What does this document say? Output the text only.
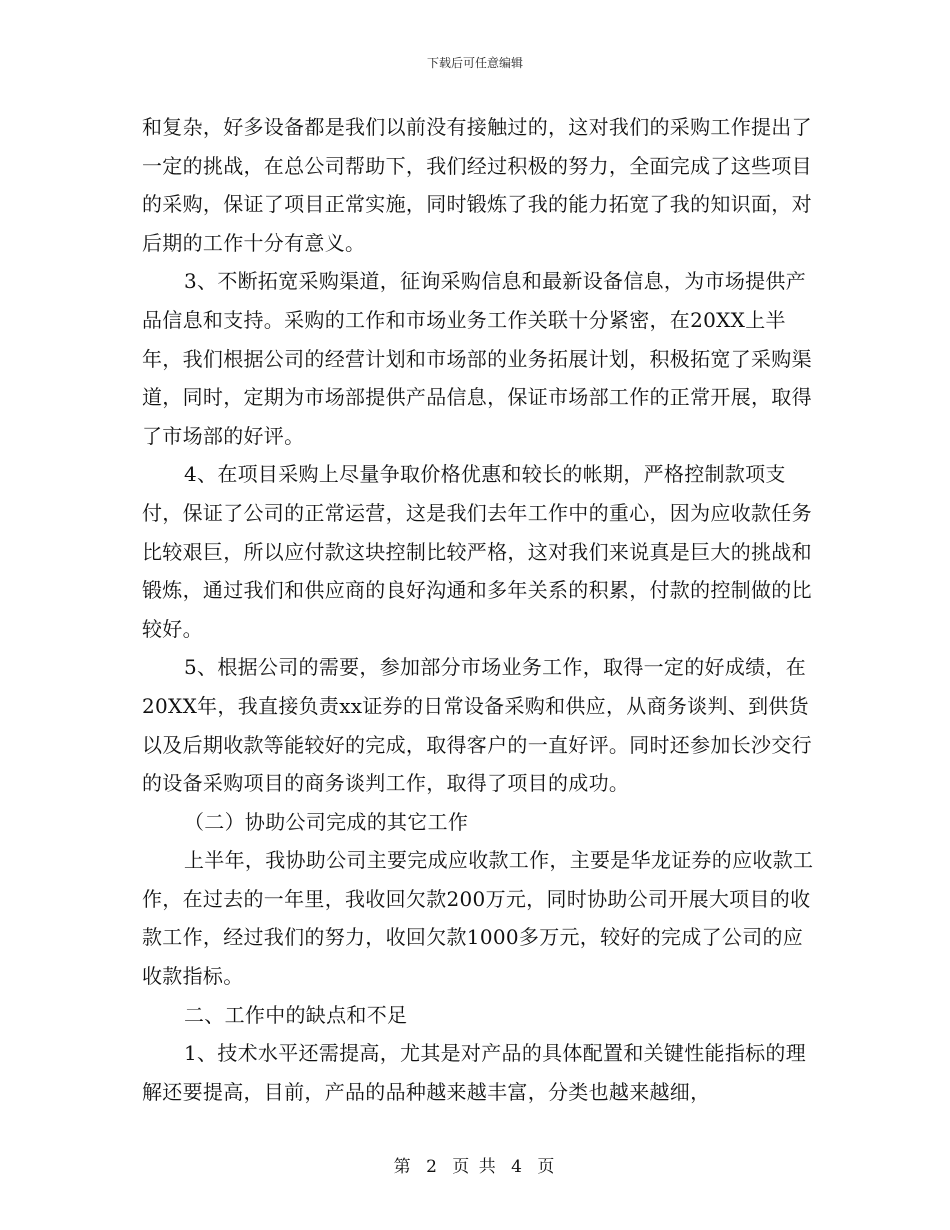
下载后可任意编辑

和复杂，好多设备都是我们以前没有接触过的，这对我们的采购工作提出了一定的挑战，在总公司帮助下，我们经过积极的努力，全面完成了这些项目的采购，保证了项目正常实施，同时锻炼了我的能力拓宽了我的知识面，对后期的工作十分有意义。

3、不断拓宽采购渠道，征询采购信息和最新设备信息，为市场提供产品信息和支持。采购的工作和市场业务工作关联十分紧密，在20XX上半年，我们根据公司的经营计划和市场部的业务拓展计划，积极拓宽了采购渠道，同时，定期为市场部提供产品信息，保证市场部工作的正常开展，取得了市场部的好评。

4、在项目采购上尽量争取价格优惠和较长的帐期，严格控制款项支付，保证了公司的正常运营，这是我们去年工作中的重心，因为应收款任务比较艰巨，所以应付款这块控制比较严格，这对我们来说真是巨大的挑战和锻炼，通过我们和供应商的良好沟通和多年关系的积累，付款的控制做的比较好。

5、根据公司的需要，参加部分市场业务工作，取得一定的好成绩，在20XX年，我直接负责xx证券的日常设备采购和供应，从商务谈判、到供货以及后期收款等能较好的完成，取得客户的一直好评。同时还参加长沙交行的设备采购项目的商务谈判工作，取得了项目的成功。

（二）协助公司完成的其它工作

上半年，我协助公司主要完成应收款工作，主要是华龙证券的应收款工作，在过去的一年里，我收回欠款200万元，同时协助公司开展大项目的收款工作，经过我们的努力，收回欠款1000多万元，较好的完成了公司的应收款指标。

二、工作中的缺点和不足

1、技术水平还需提高，尤其是对产品的具体配置和关键性能指标的理解还要提高，目前，产品的品种越来越丰富，分类也越来越细，

第 2 页 共 4 页
